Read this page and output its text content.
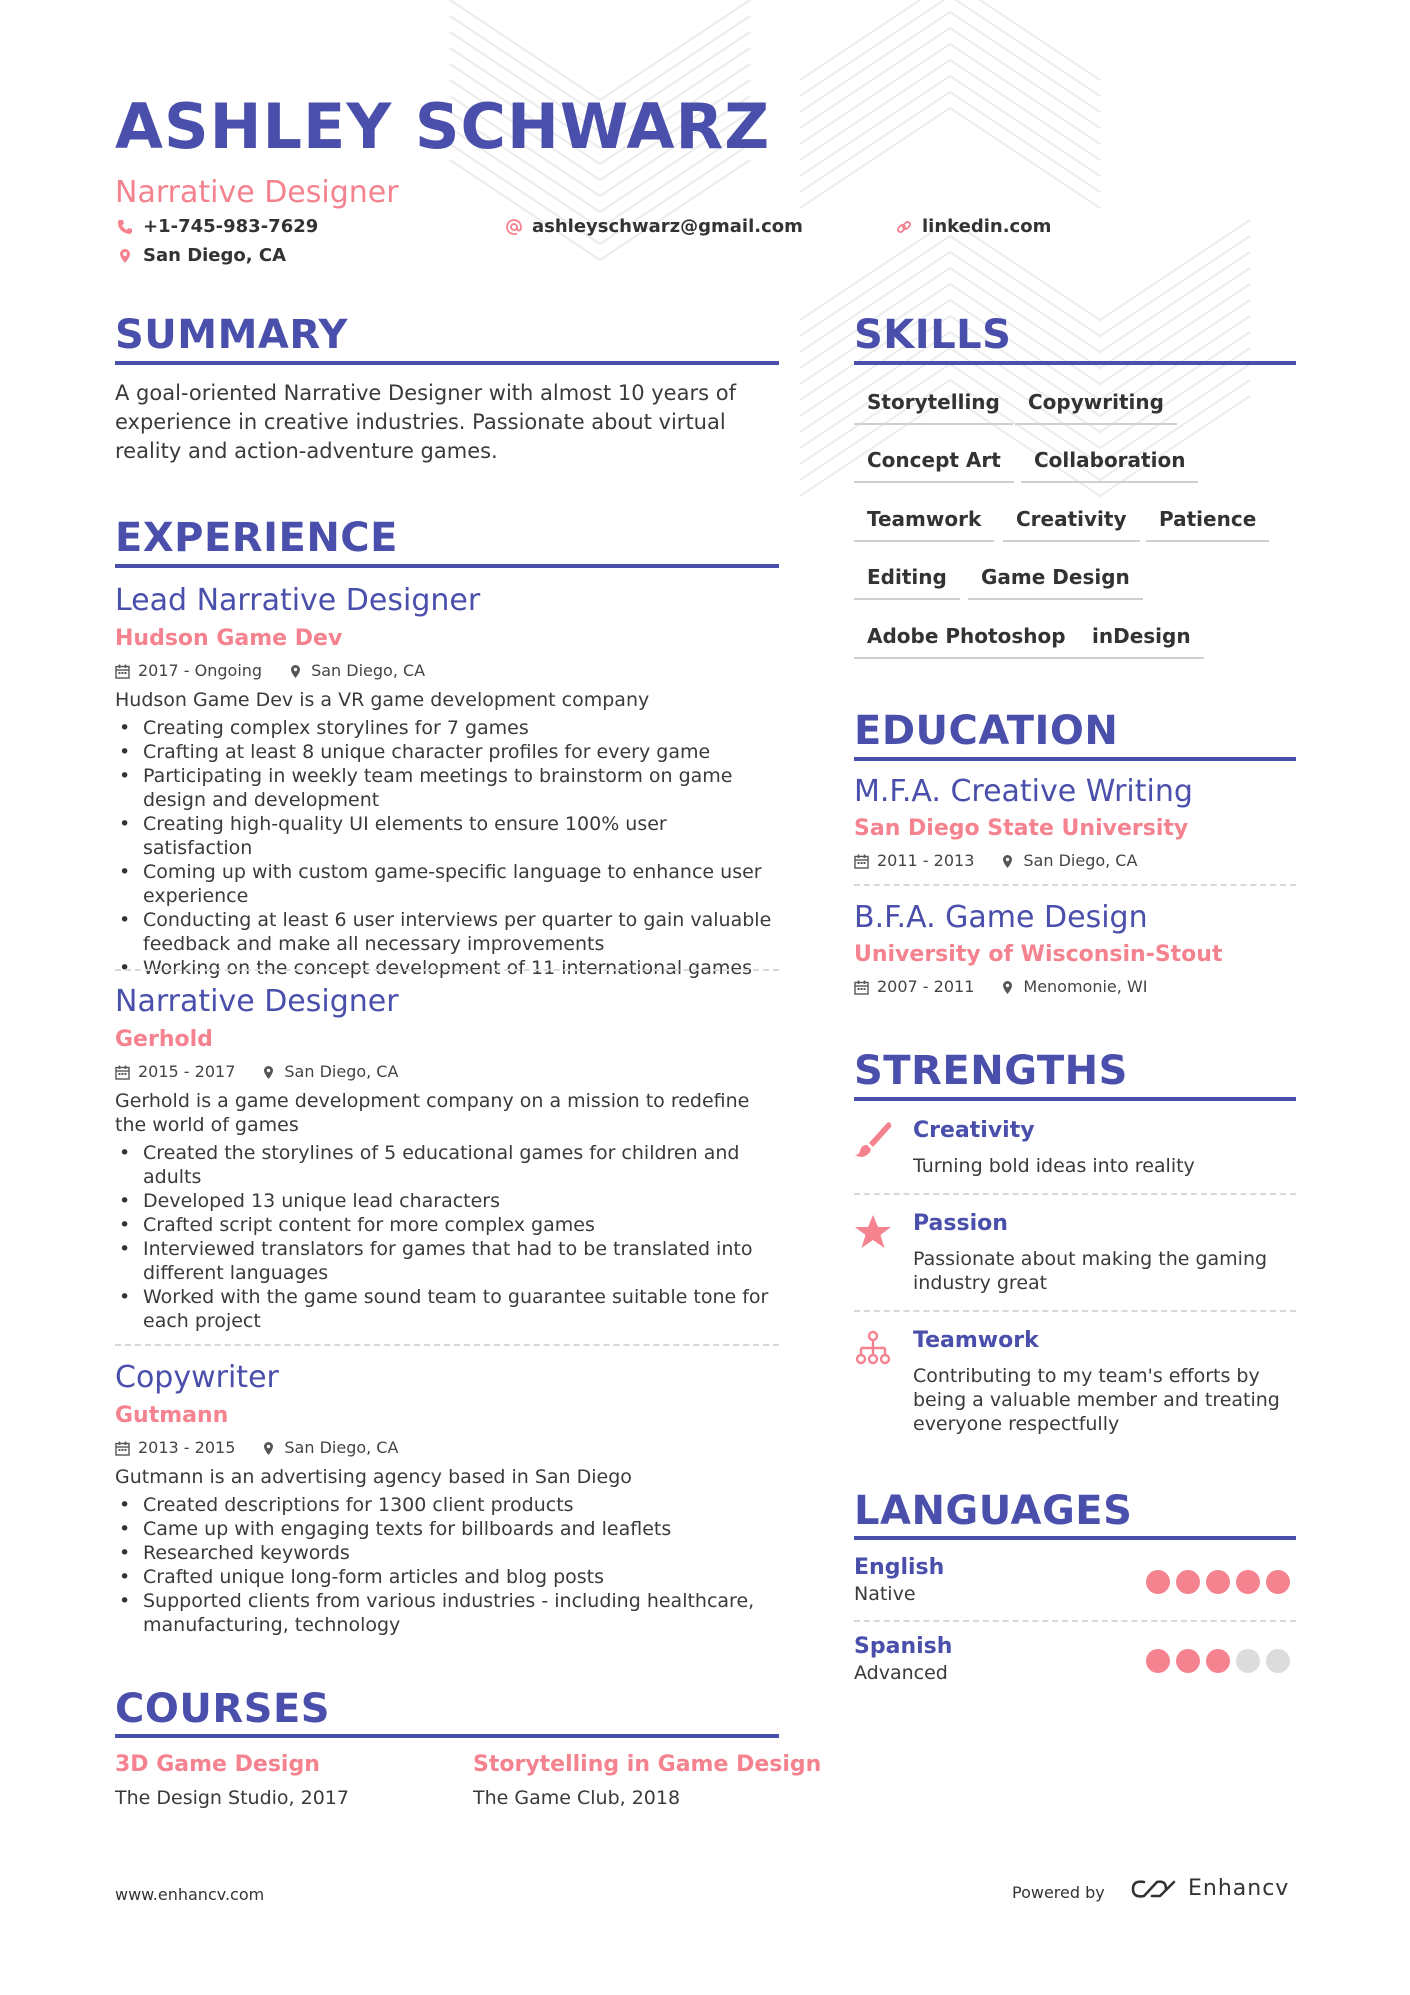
ASHLEY SCHWARZ
Narrative Designer
+1-745-983-7629	ashleyschwarz@gmail.com	linkedin.com
San Diego, CA
SUMMARY
A goal-oriented Narrative Designer with almost 10 years of experience in creative industries. Passionate about virtual reality and action-adventure games.
EXPERIENCE
Lead Narrative Designer
Hudson Game Dev
2017 - Ongoing	San Diego, CA
Hudson Game Dev is a VR game development company
• Creating complex storylines for 7 games
• Crafting at least 8 unique character profiles for every game
• Participating in weekly team meetings to brainstorm on game design and development
• Creating high-quality UI elements to ensure 100% user satisfaction
• Coming up with custom game-specific language to enhance user experience
• Conducting at least 6 user interviews per quarter to gain valuable feedback and make all necessary improvements
• Working on the concept development of 11 international games
Narrative Designer
Gerhold
2015 - 2017	San Diego, CA
Gerhold is a game development company on a mission to redefine the world of games
• Created the storylines of 5 educational games for children and adults
• Developed 13 unique lead characters
• Crafted script content for more complex games
• Interviewed translators for games that had to be translated into different languages
• Worked with the game sound team to guarantee suitable tone for each project
Copywriter
Gutmann
2013 - 2015	San Diego, CA
Gutmann is an advertising agency based in San Diego
• Created descriptions for 1300 client products
• Came up with engaging texts for billboards and leaflets
• Researched keywords
• Crafted unique long-form articles and blog posts
• Supported clients from various industries - including healthcare, manufacturing, technology
COURSES
3D Game Design
The Design Studio, 2017
Storytelling in Game Design
The Game Club, 2018
SKILLS
Storytelling	Copywriting
Concept Art	Collaboration
Teamwork	Creativity	Patience
Editing	Game Design
Adobe Photoshop	inDesign
EDUCATION
M.F.A. Creative Writing
San Diego State University
2011 - 2013	San Diego, CA
B.F.A. Game Design
University of Wisconsin-Stout
2007 - 2011	Menomonie, WI
STRENGTHS
Creativity
Turning bold ideas into reality
Passion
Passionate about making the gaming industry great
Teamwork
Contributing to my team's efforts by being a valuable member and treating everyone respectfully
LANGUAGES
English
Native
Spanish
Advanced
www.enhancv.com	Powered by	Enhancv
